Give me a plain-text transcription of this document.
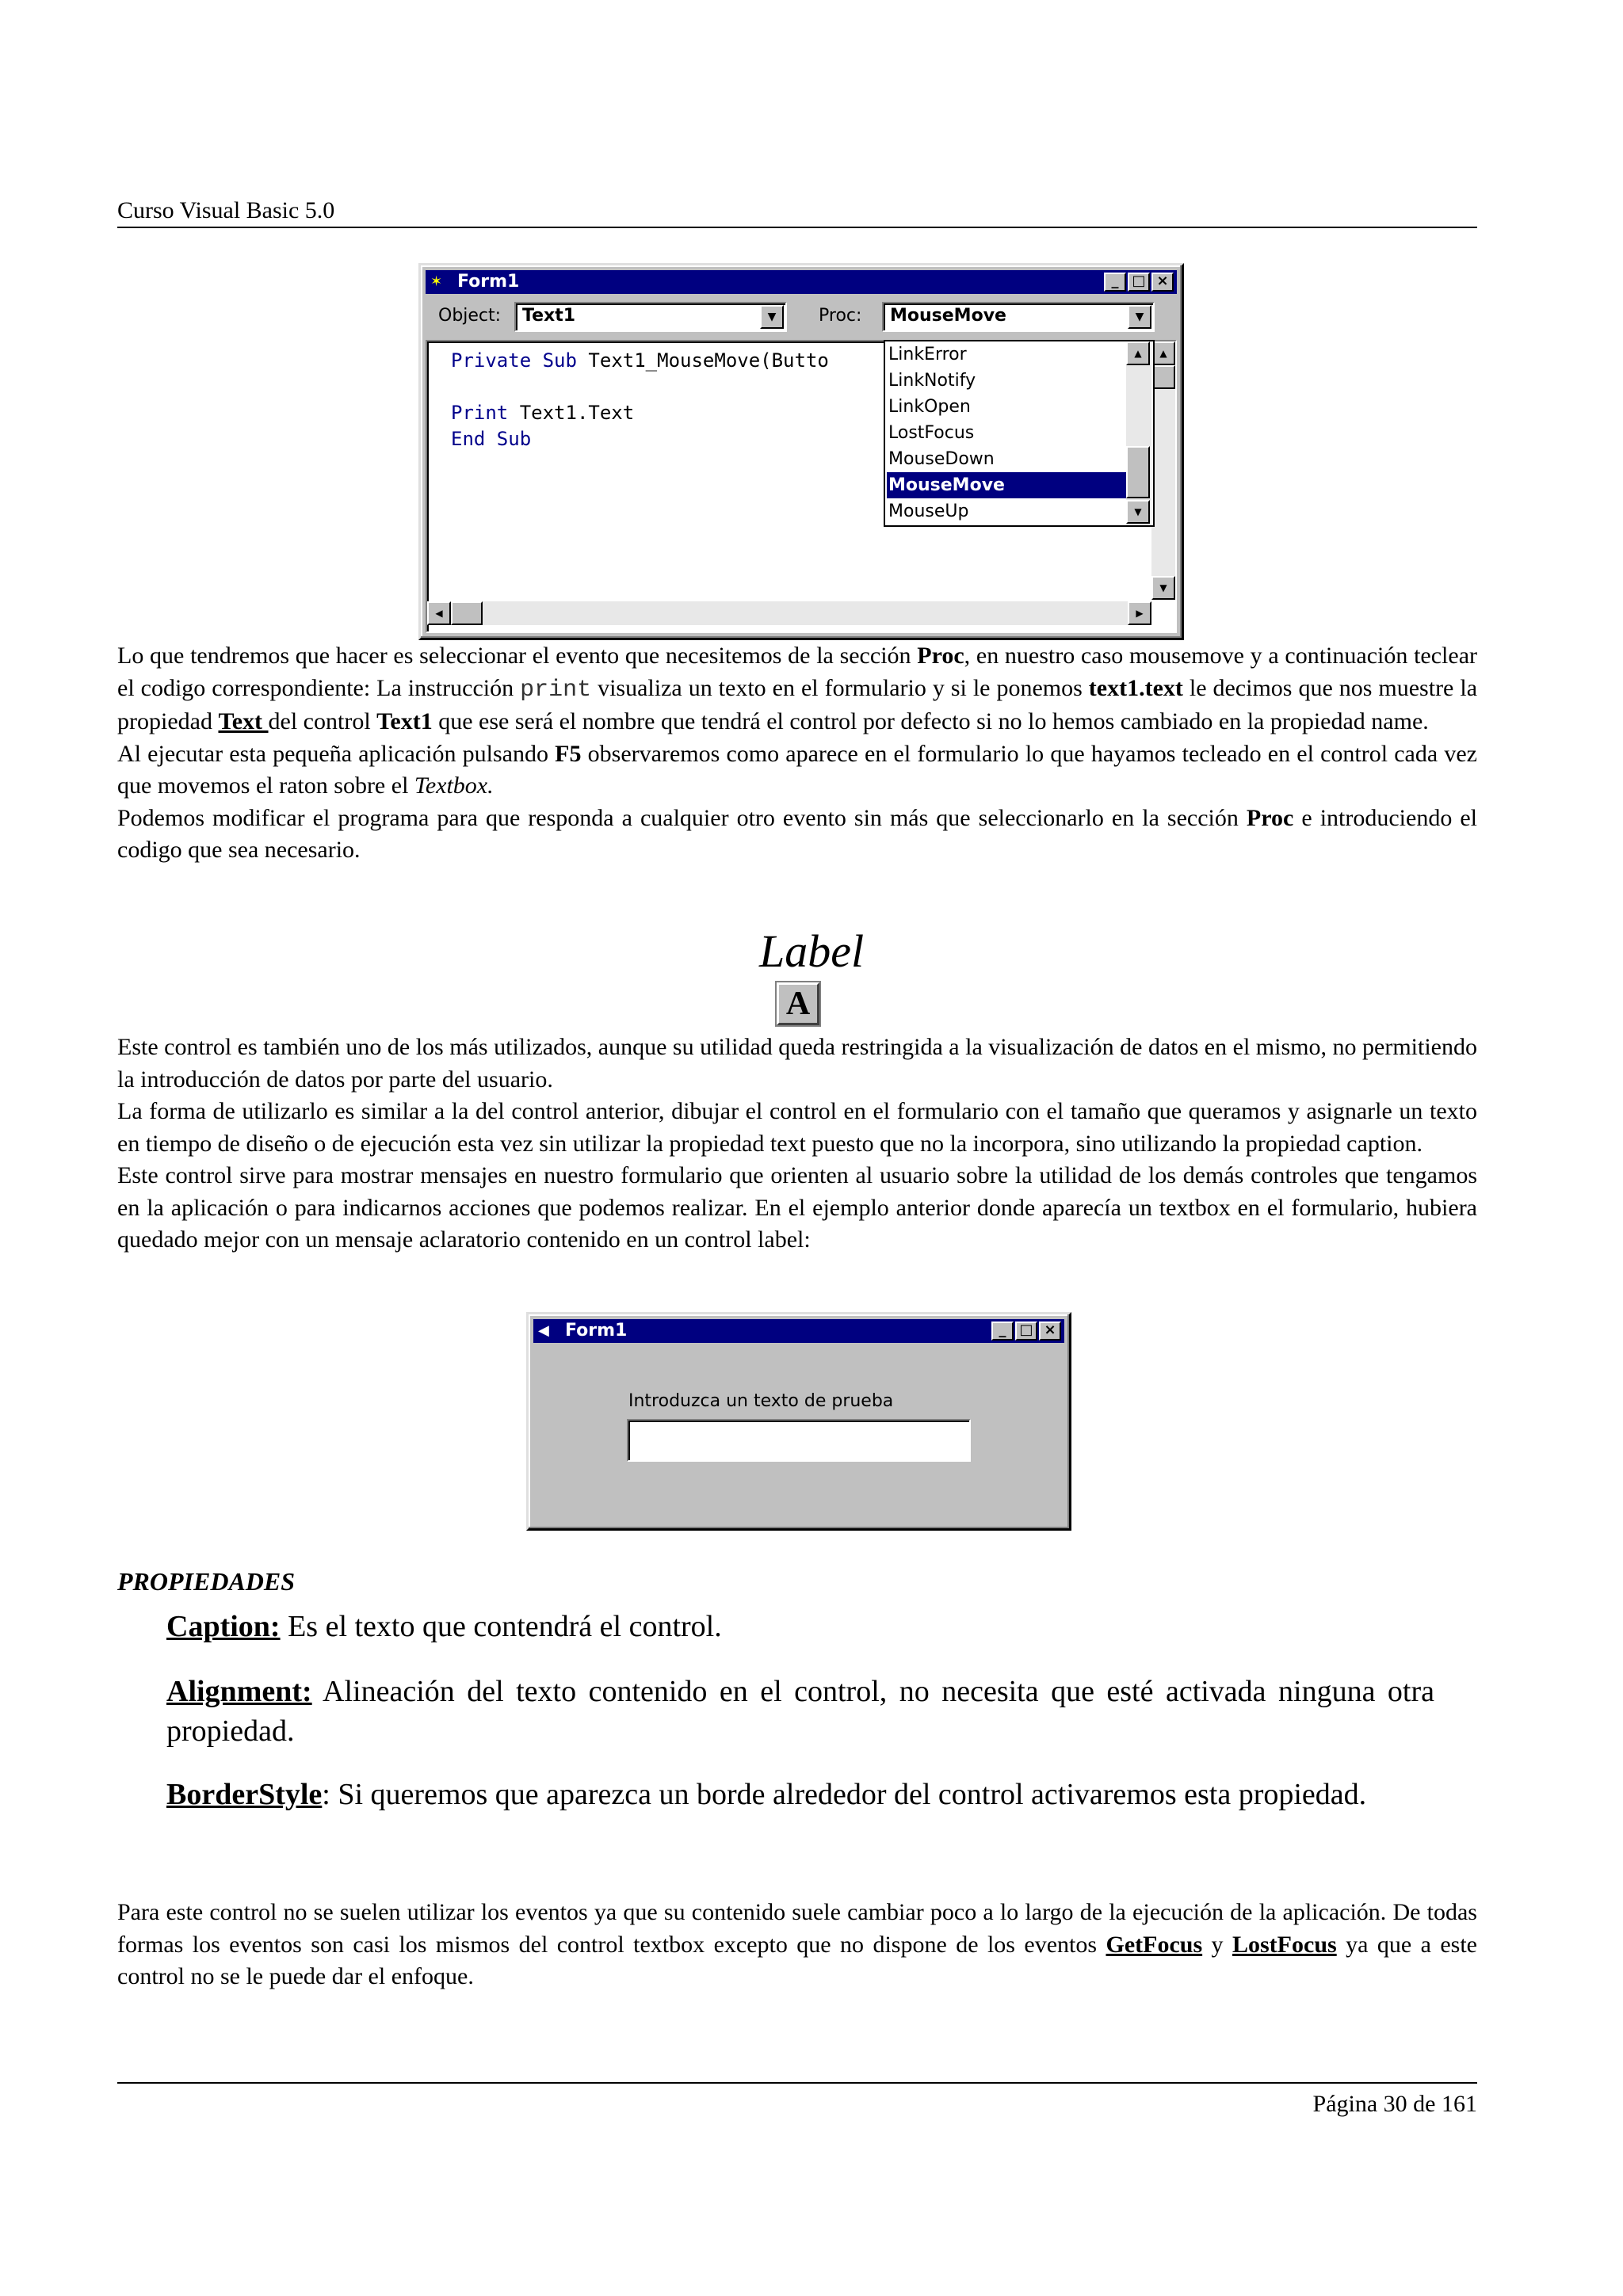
Curso Visual Basic 5.0
✶ Form1	_ □ ×
Object:	Text1	▼	Proc:	MouseMove	▼
Private Sub Text1_MouseMove(Butto
Print Text1.Text
End Sub
▲
▼
◀	▶
LinkError
LinkNotify
LinkOpen
LostFocus
MouseDown
MouseMove
MouseUp
▲
▼

Lo que tendremos que hacer es seleccionar el evento que necesitemos de la sección Proc, en nuestro caso mousemove y a continuación teclear el codigo correspondiente: La instrucción print visualiza un texto en el formulario y si le ponemos text1.text le decimos que nos muestre la propiedad Text del control Text1 que ese será el nombre que tendrá el control por defecto si no lo hemos cambiado en la propiedad name.

Al ejecutar esta pequeña aplicación pulsando F5 observaremos como aparece en el formulario lo que hayamos tecleado en el control cada vez que movemos el raton sobre el Textbox.

Podemos modificar el programa para que responda a cualquier otro evento sin más que seleccionarlo en la sección Proc e introduciendo el codigo que sea necesario.

Label
A

Este control es también uno de los más utilizados, aunque su utilidad queda restringida a la visualización de datos en el mismo, no permitiendo la introducción de datos por parte del usuario.

La forma de utilizarlo es similar a la del control anterior, dibujar el control en el formulario con el tamaño que queramos y asignarle un texto en tiempo de diseño o de ejecución esta vez sin utilizar la propiedad text puesto que no la incorpora, sino utilizando la propiedad caption.

Este control sirve para mostrar mensajes en nuestro formulario que orienten al usuario sobre la utilidad de los demás controles que tengamos en la aplicación o para indicarnos acciones que podemos realizar. En el ejemplo anterior donde aparecía un textbox en el formulario, hubiera quedado mejor con un mensaje aclaratorio contenido en un control label:

◀ Form1	_ □ ×
Introduzca un texto de prueba
PROPIEDADES
Caption: Es el texto que contendrá el control.
Alignment: Alineación del texto contenido en el control, no necesita que esté activada ninguna otra propiedad.
BorderStyle: Si queremos que aparezca un borde alrededor del control activaremos esta propiedad.

Para este control no se suelen utilizar los eventos ya que su contenido suele cambiar poco a lo largo de la ejecución de la aplicación. De todas formas los eventos son casi los mismos del control textbox excepto que no dispone de los eventos GetFocus y LostFocus ya que a este control no se le puede dar el enfoque.

Página 30 de 161
